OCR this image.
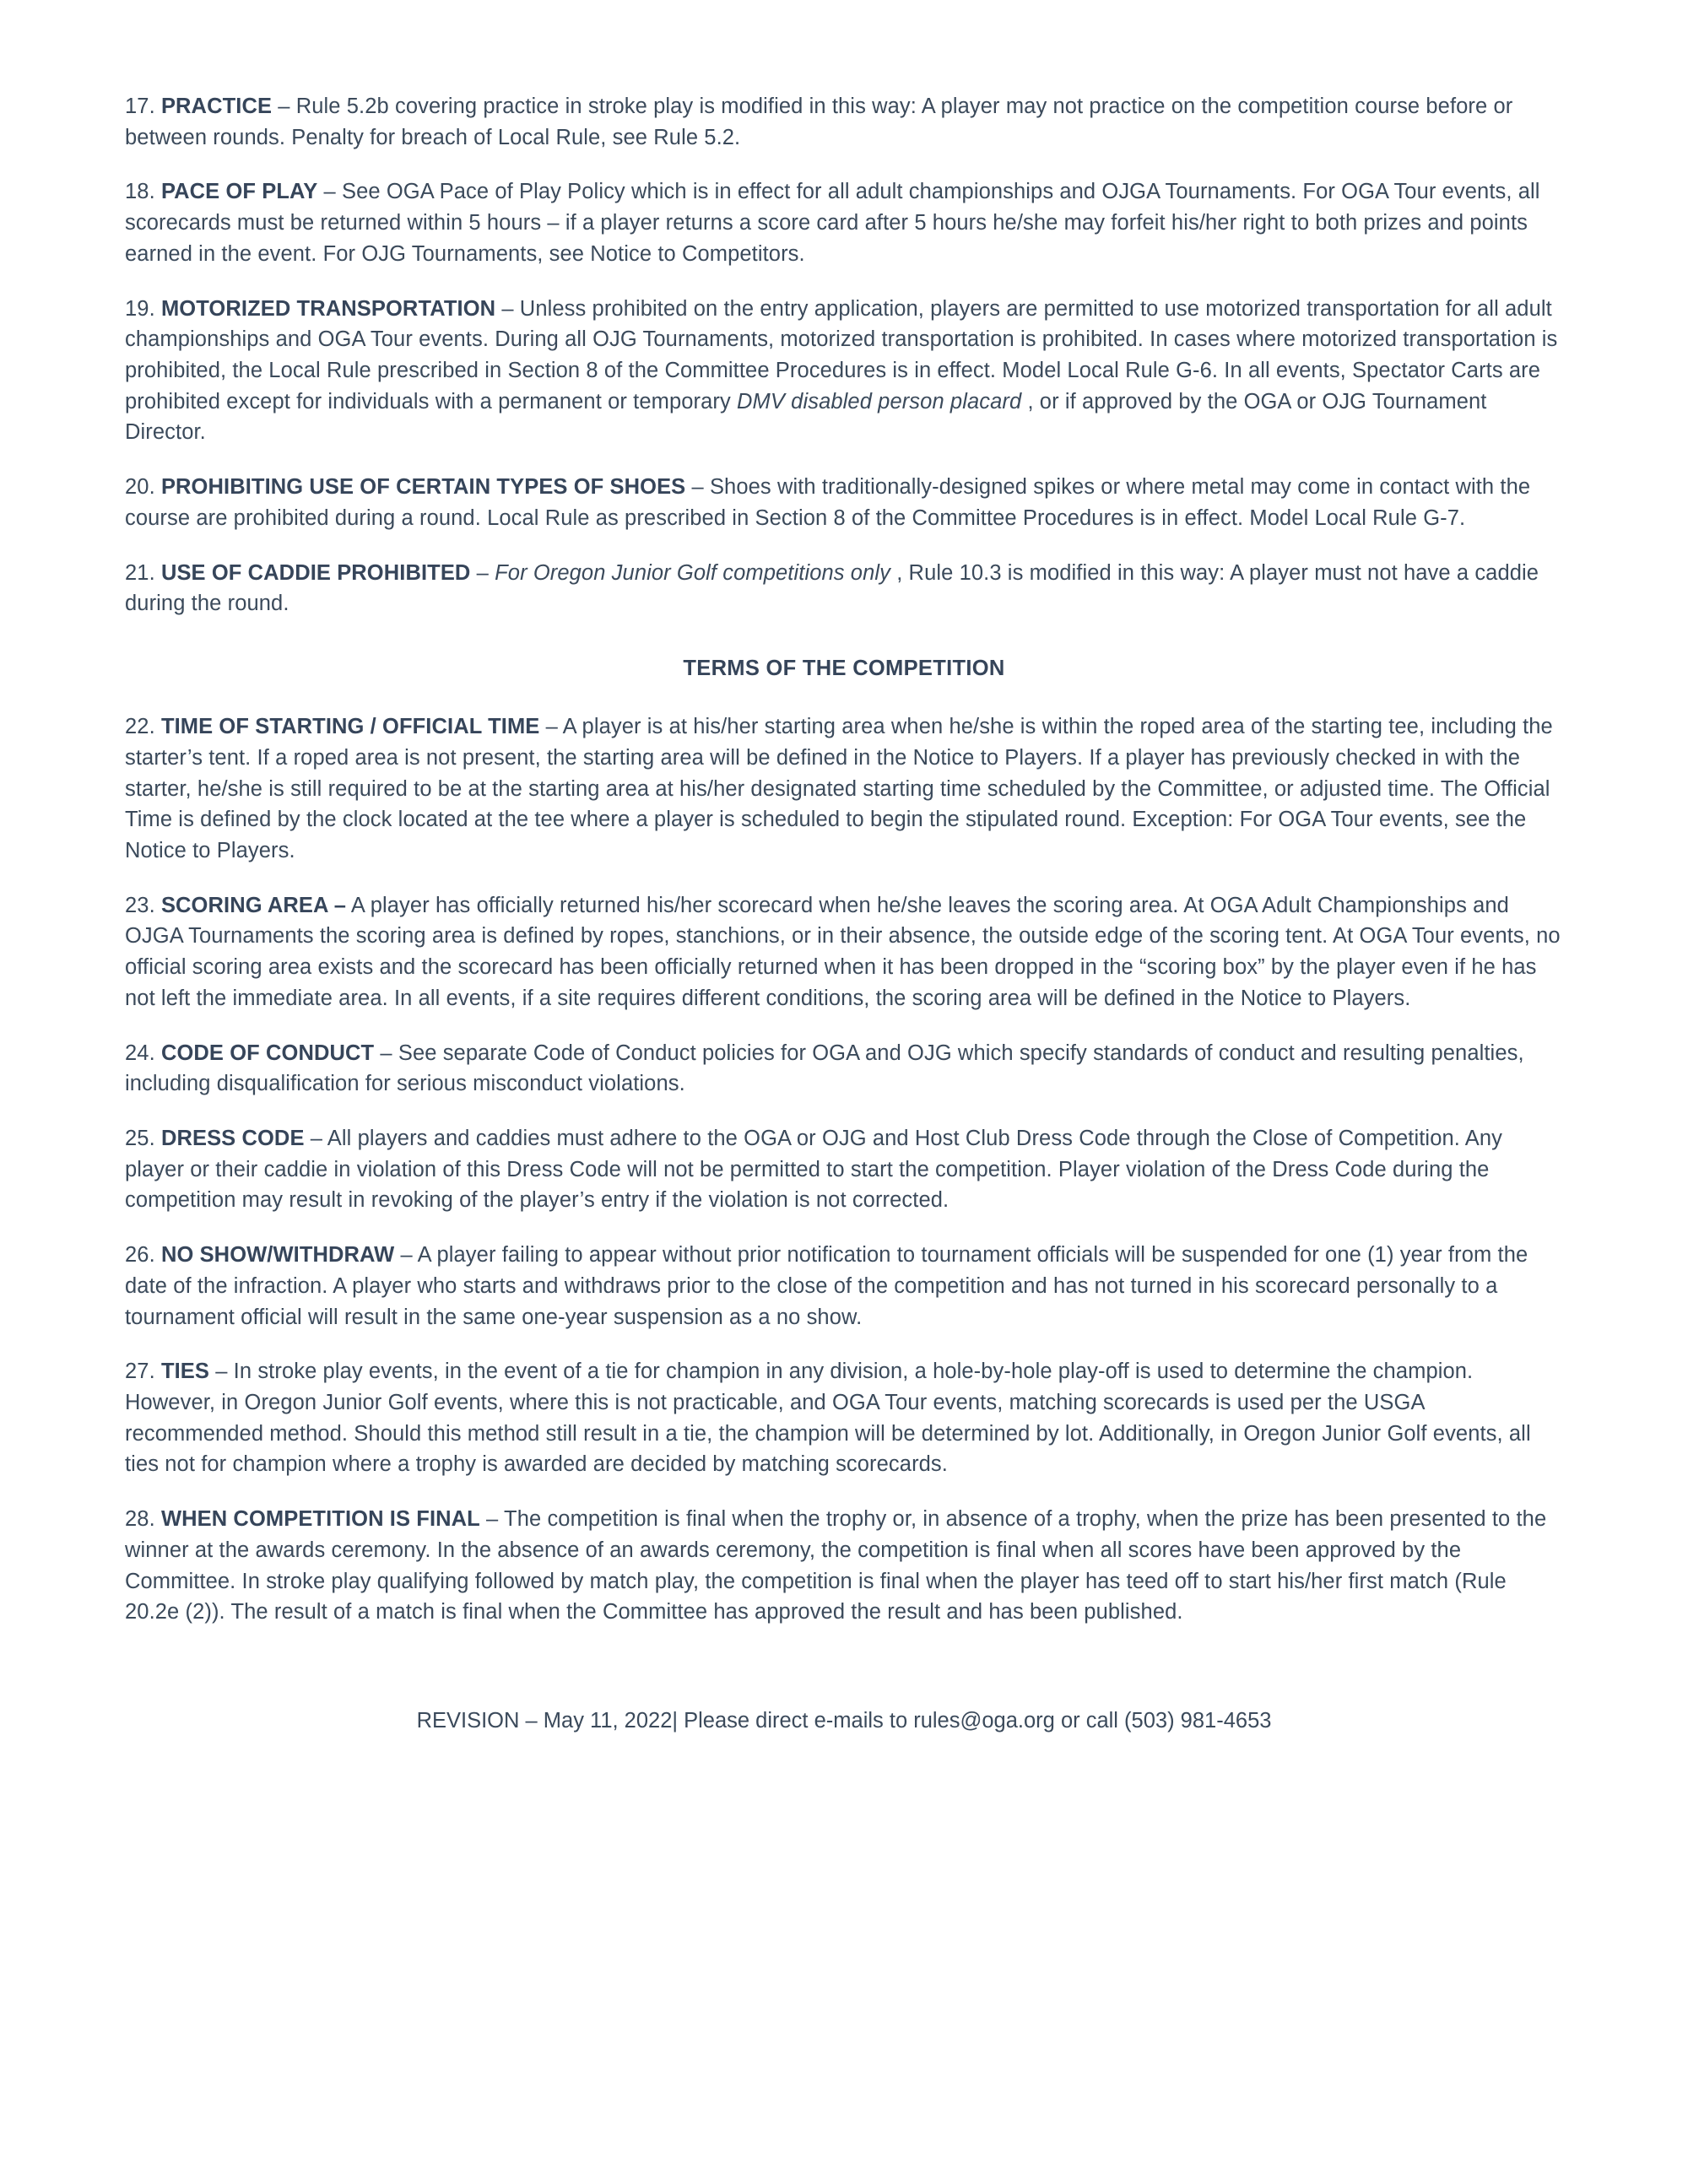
17. PRACTICE – Rule 5.2b covering practice in stroke play is modified in this way: A player may not practice on the competition course before or between rounds. Penalty for breach of Local Rule, see Rule 5.2.

18. PACE OF PLAY – See OGA Pace of Play Policy which is in effect for all adult championships and OJGA Tournaments. For OGA Tour events, all scorecards must be returned within 5 hours – if a player returns a score card after 5 hours he/she may forfeit his/her right to both prizes and points earned in the event. For OJG Tournaments, see Notice to Competitors.

19. MOTORIZED TRANSPORTATION – Unless prohibited on the entry application, players are permitted to use motorized transportation for all adult championships and OGA Tour events. During all OJG Tournaments, motorized transportation is prohibited. In cases where motorized transportation is prohibited, the Local Rule prescribed in Section 8 of the Committee Procedures is in effect. Model Local Rule G-6. In all events, Spectator Carts are prohibited except for individuals with a permanent or temporary DMV disabled person placard , or if approved by the OGA or OJG Tournament Director.

20. PROHIBITING USE OF CERTAIN TYPES OF SHOES – Shoes with traditionally-designed spikes or where metal may come in contact with the course are prohibited during a round. Local Rule as prescribed in Section 8 of the Committee Procedures is in effect. Model Local Rule G-7.

21. USE OF CADDIE PROHIBITED – For Oregon Junior Golf competitions only , Rule 10.3 is modified in this way: A player must not have a caddie during the round.

TERMS OF THE COMPETITION

22. TIME OF STARTING / OFFICIAL TIME – A player is at his/her starting area when he/she is within the roped area of the starting tee, including the starter’s tent. If a roped area is not present, the starting area will be defined in the Notice to Players. If a player has previously checked in with the starter, he/she is still required to be at the starting area at his/her designated starting time scheduled by the Committee, or adjusted time. The Official Time is defined by the clock located at the tee where a player is scheduled to begin the stipulated round. Exception: For OGA Tour events, see the Notice to Players.

23. SCORING AREA – A player has officially returned his/her scorecard when he/she leaves the scoring area. At OGA Adult Championships and OJGA Tournaments the scoring area is defined by ropes, stanchions, or in their absence, the outside edge of the scoring tent. At OGA Tour events, no official scoring area exists and the scorecard has been officially returned when it has been dropped in the “scoring box” by the player even if he has not left the immediate area. In all events, if a site requires different conditions, the scoring area will be defined in the Notice to Players.

24. CODE OF CONDUCT – See separate Code of Conduct policies for OGA and OJG which specify standards of conduct and resulting penalties, including disqualification for serious misconduct violations.

25. DRESS CODE – All players and caddies must adhere to the OGA or OJG and Host Club Dress Code through the Close of Competition. Any player or their caddie in violation of this Dress Code will not be permitted to start the competition. Player violation of the Dress Code during the competition may result in revoking of the player’s entry if the violation is not corrected.

26. NO SHOW/WITHDRAW – A player failing to appear without prior notification to tournament officials will be suspended for one (1) year from the date of the infraction. A player who starts and withdraws prior to the close of the competition and has not turned in his scorecard personally to a tournament official will result in the same one-year suspension as a no show.

27. TIES – In stroke play events, in the event of a tie for champion in any division, a hole-by-hole play-off is used to determine the champion. However, in Oregon Junior Golf events, where this is not practicable, and OGA Tour events, matching scorecards is used per the USGA recommended method. Should this method still result in a tie, the champion will be determined by lot. Additionally, in Oregon Junior Golf events, all ties not for champion where a trophy is awarded are decided by matching scorecards.

28. WHEN COMPETITION IS FINAL – The competition is final when the trophy or, in absence of a trophy, when the prize has been presented to the winner at the awards ceremony. In the absence of an awards ceremony, the competition is final when all scores have been approved by the Committee. In stroke play qualifying followed by match play, the competition is final when the player has teed off to start his/her first match (Rule 20.2e (2)). The result of a match is final when the Committee has approved the result and has been published.

REVISION – May 11, 2022| Please direct e-mails to rules@oga.org or call (503) 981-4653
